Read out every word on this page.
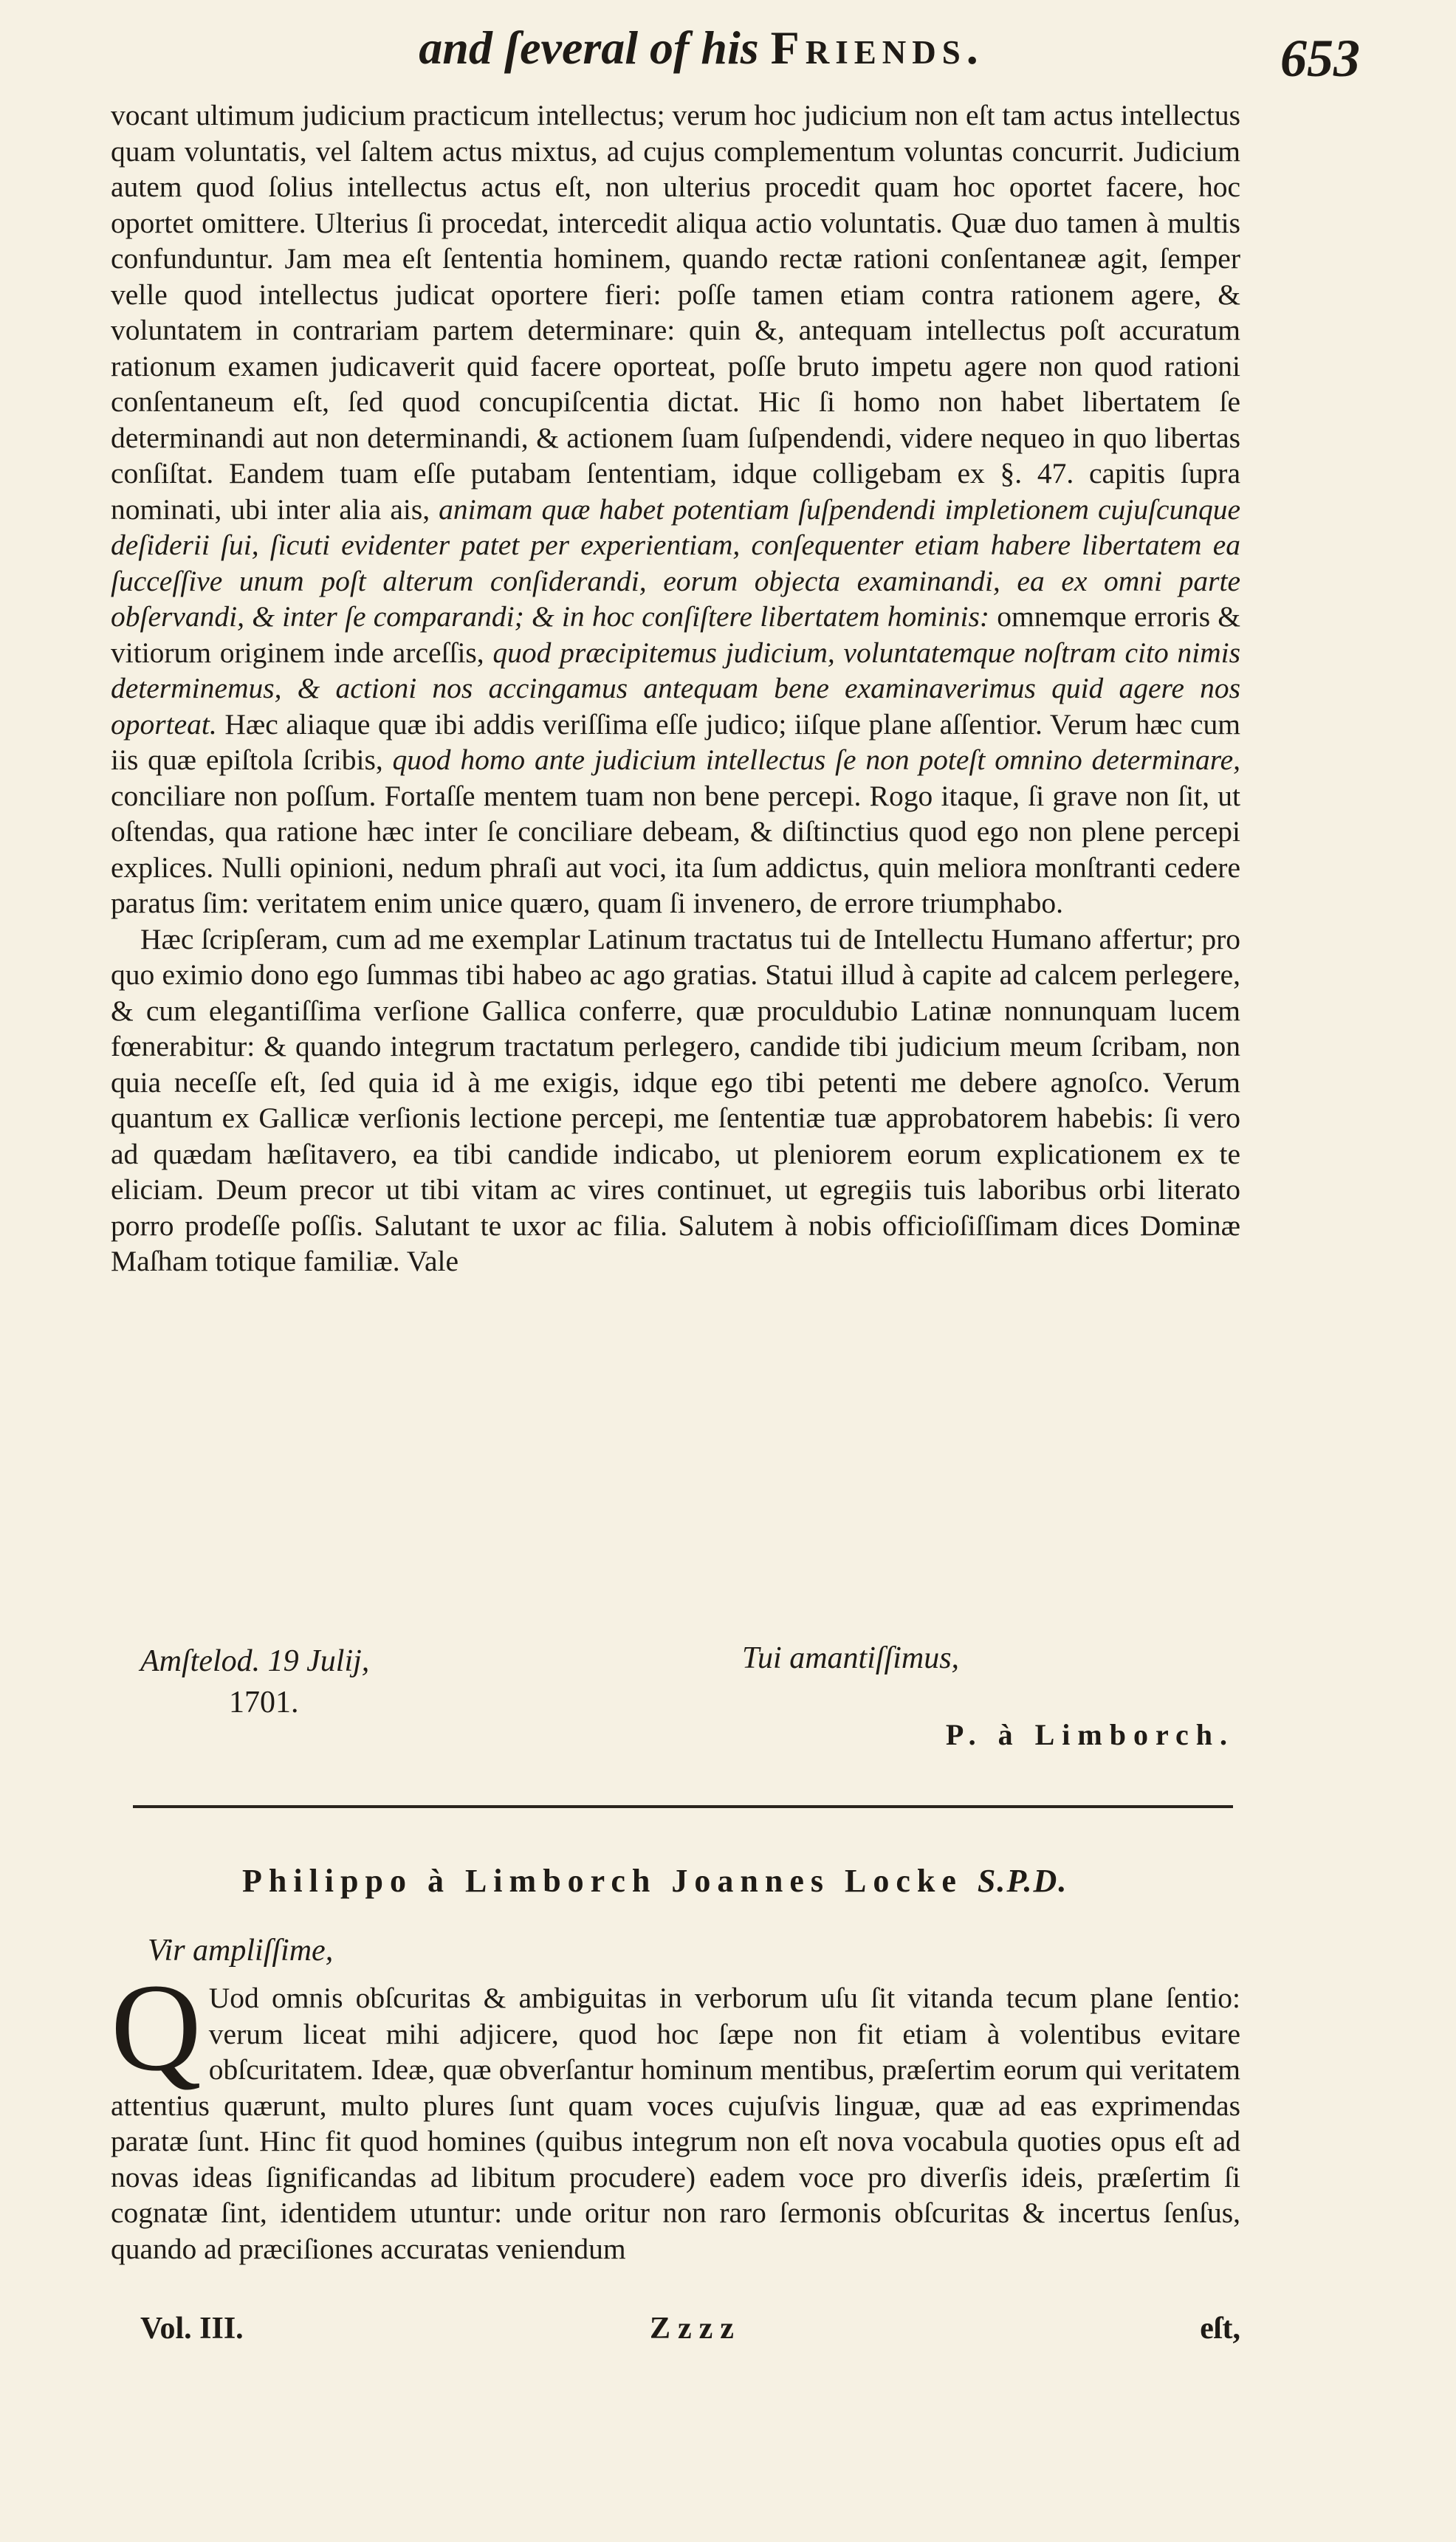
and ſeveral of his Friends.	653

vocant ultimum judicium practicum intellectus; verum hoc judicium non eſt tam actus intellectus quam voluntatis, vel ſaltem actus mixtus, ad cujus complementum voluntas concurrit. Judicium autem quod ſolius intellectus actus eſt, non ulterius procedit quam hoc oportet facere, hoc oportet omittere. Ulterius ſi procedat, intercedit aliqua actio voluntatis. Quæ duo tamen à multis confunduntur. Jam mea eſt ſententia hominem, quando rectæ rationi conſentaneæ agit, ſemper velle quod intellectus judicat oportere fieri: poſſe tamen etiam contra rationem agere, & voluntatem in contrariam partem determinare: quin &, antequam intellectus poſt accuratum rationum examen judicaverit quid facere oporteat, poſſe bruto impetu agere non quod rationi conſentaneum eſt, ſed quod concupiſcentia dictat. Hic ſi homo non habet libertatem ſe determinandi aut non determinandi, & actionem ſuam ſuſpendendi, videre nequeo in quo libertas conſiſtat. Eandem tuam eſſe putabam ſententiam, idque colligebam ex §. 47. capitis ſupra nominati, ubi inter alia ais, animam quæ habet potentiam ſuſpendendi impletionem cujuſcunque deſiderii ſui, ſicuti evidenter patet per experientiam, conſequenter etiam habere libertatem ea ſucceſſive unum poſt alterum conſiderandi, eorum objecta examinandi, ea ex omni parte obſervandi, & inter ſe comparandi; & in hoc conſiſtere libertatem hominis: omnemque erroris & vitiorum originem inde arceſſis, quod præcipitemus judicium, voluntatemque noſtram cito nimis determinemus, & actioni nos accingamus antequam bene examinaverimus quid agere nos oporteat. Hæc aliaque quæ ibi addis veriſſima eſſe judico; iiſque plane aſſentior. Verum hæc cum iis quæ epiſtola ſcribis, quod homo ante judicium intellectus ſe non poteſt omnino determinare, conciliare non poſſum. Fortaſſe mentem tuam non bene percepi. Rogo itaque, ſi grave non ſit, ut oſtendas, qua ratione hæc inter ſe conciliare debeam, & diſtinctius quod ego non plene percepi explices. Nulli opinioni, nedum phraſi aut voci, ita ſum addictus, quin meliora monſtranti cedere paratus ſim: veritatem enim unice quæro, quam ſi invenero, de errore triumphabo.

Hæc ſcripſeram, cum ad me exemplar Latinum tractatus tui de Intellectu Humano affertur; pro quo eximio dono ego ſummas tibi habeo ac ago gratias. Statui illud à capite ad calcem perlegere, & cum elegantiſſima verſione Gallica conferre, quæ proculdubio Latinæ nonnunquam lucem fœnerabitur: & quando integrum tractatum perlegero, candide tibi judicium meum ſcribam, non quia neceſſe eſt, ſed quia id à me exigis, idque ego tibi petenti me debere agnoſco. Verum quantum ex Gallicæ verſionis lectione percepi, me ſententiæ tuæ approbatorem habebis: ſi vero ad quædam hæſitavero, ea tibi candide indicabo, ut pleniorem eorum explicationem ex te eliciam. Deum precor ut tibi vitam ac vires continuet, ut egregiis tuis laboribus orbi literato porro prodeſſe poſſis. Salutant te uxor ac filia. Salutem à nobis officioſiſſimam dices Dominæ Maſham totique familiæ. Vale

Amſtelod. 19 Julij,
1701.
Tui amantiſſimus,
P. à Limborch.
Philippo à Limborch Joannes Locke S.P.D.
Vir ampliſſime,

Q Uod omnis obſcuritas & ambiguitas in verborum uſu ſit vitanda tecum plane ſentio: verum liceat mihi adjicere, quod hoc ſæpe non fit etiam à volentibus evitare obſcuritatem. Ideæ, quæ obverſantur hominum mentibus, præſertim eorum qui veritatem attentius quærunt, multo plures ſunt quam voces cujuſvis linguæ, quæ ad eas exprimendas paratæ ſunt. Hinc fit quod homines (quibus integrum non eſt nova vocabula quoties opus eſt ad novas ideas ſignificandas ad libitum procudere) eadem voce pro diverſis ideis, præſertim ſi cognatæ ſint, identidem utuntur: unde oritur non raro ſermonis obſcuritas & incertus ſenſus, quando ad præciſiones accuratas veniendum

Vol. III.	Zzzz	eſt,
